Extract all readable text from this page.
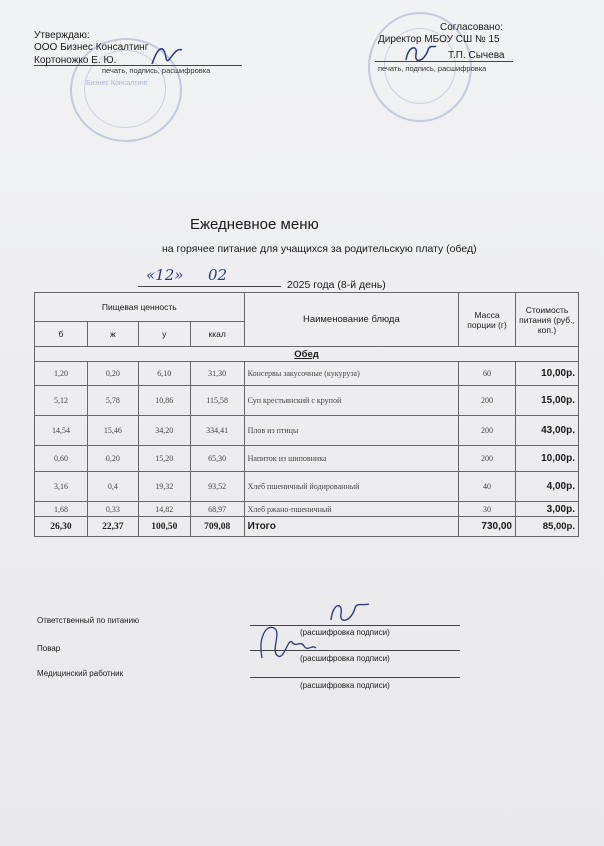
Бизнес Консалтинг
Утверждаю:
ООО Бизнес Консалтинг
Кортоножко Е. Ю.
печать, подпись, расшифровка
Согласовано:
Директор МБОУ СШ № 15
Т.П. Сычева
печать, подпись, расшифровка
Ежедневное меню
на горячее питание для учащихся за родительскую плату (обед)
«12» 02
2025 года (8-й день)
Пищевая ценность				Наименование блюда	Масса порции (г)	Стоимость питания (руб., коп.)
б	ж	у	ккал			
Обед						
1,20	0,20	6,10	31,30	Консервы закусочные (кукуруза)	60	10,00р.
5,12	5,78	10,86	115,58	Суп крестьянский с крупой	200	15,00р.
14,54	15,46	34,20	334,41	Плов из птицы	200	43,00р.
0,60	0,20	15,20	65,30	Напиток из шиповника	200	10,00р.
3,16	0,4	19,32	93,52	Хлеб пшеничный йодированный	40	4,00р.
1,68	0,33	14,82	68,97	Хлеб ржано-пшеничный	30	3,00р.
26,30	22,37	100,50	709,08	Итого	730,00	85,00р.
Ответственный по питанию
(расшифровка подписи)
Повар
(расшифровка подписи)
Медицинский работник
(расшифровка подписи)
